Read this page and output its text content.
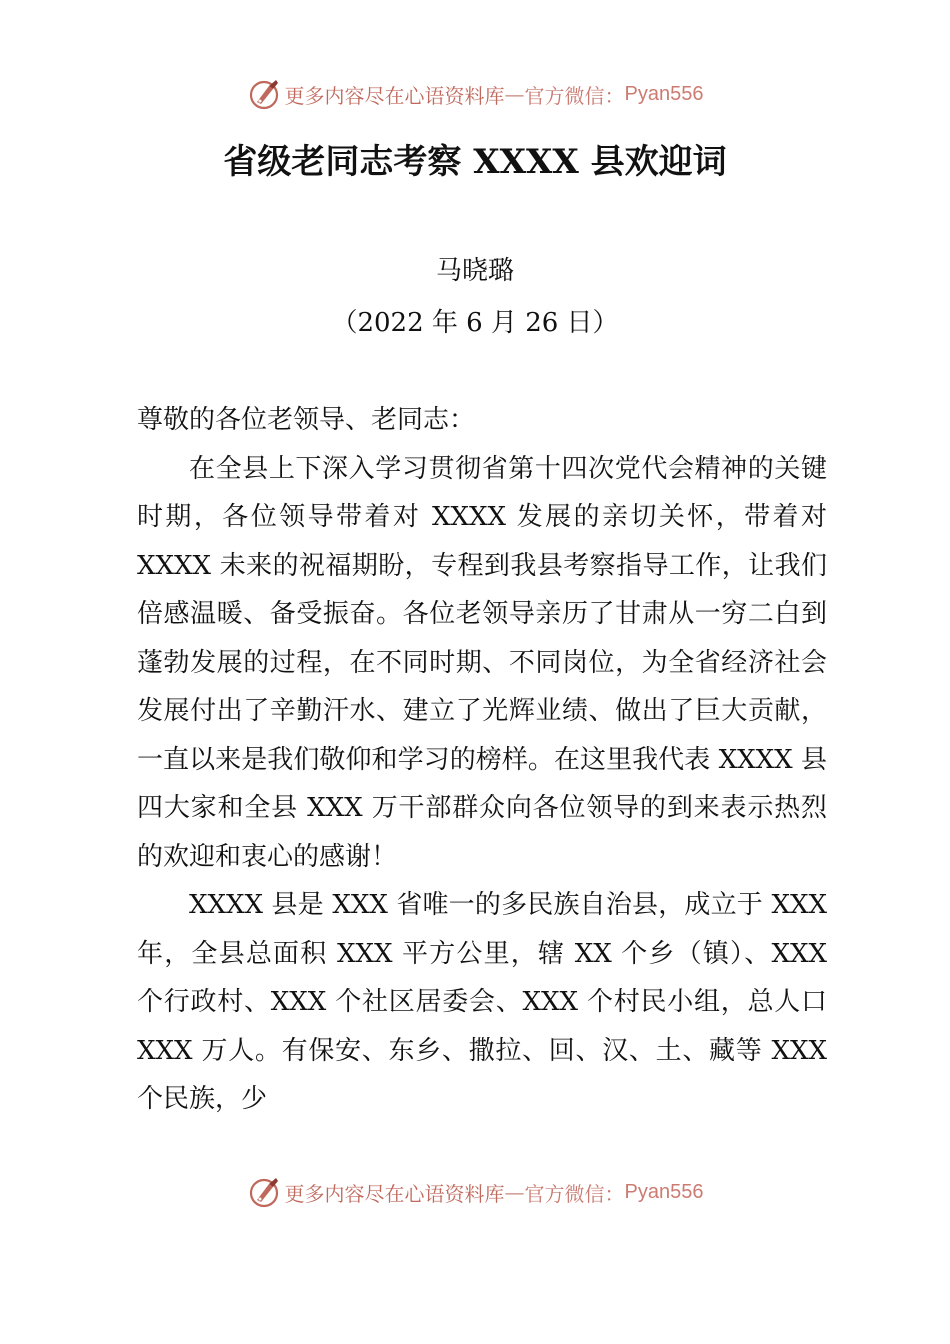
更多内容尽在心语资料库 — 官方微信： Pyan556
省级老同志考察 XXXX 县欢迎词
马晓璐
（2022 年 6 月 26 日）

尊敬的各位老领导、老同志：

在全县上下深入学习贯彻省第十四次党代会精神的关键时期，各位领导带着对 XXXX 发展的亲切关怀，带着对 XXXX 未来的祝福期盼，专程到我县考察指导工作，让我们倍感温暖、备受振奋。各位老领导亲历了甘肃从一穷二白到蓬勃发展的过程，在不同时期、不同岗位，为全省经济社会发展付出了辛勤汗水、建立了光辉业绩、做出了巨大贡献，一直以来是我们敬仰和学习的榜样。在这里我代表 XXXX 县四大家和全县 XXX 万干部群众向各位领导的到来表示热烈的欢迎和衷心的感谢！

XXXX 县是 XXX 省唯一的多民族自治县，成立于 XXX 年，全县总面积 XXX 平方公里，辖 XX 个乡（镇）、XXX 个行政村、XXX 个社区居委会、XXX 个村民小组，总人口 XXX 万人。有保安、东乡、撒拉、回、汉、土、藏等 XXX 个民族，少

更多内容尽在心语资料库 — 官方微信： Pyan556
